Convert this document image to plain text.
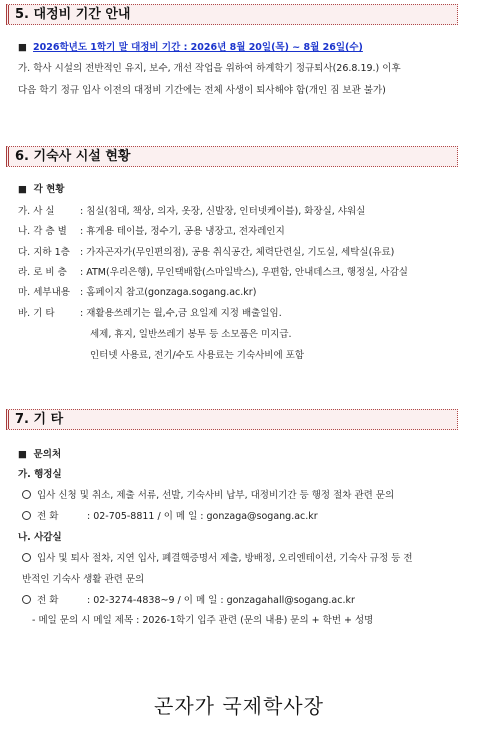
5. 대정비 기간 안내
■ 2026학년도 1학기 말 대정비 기간 : 2026년 8월 20일(목) ~ 8월 26일(수)
가. 학사 시설의 전반적인 유지, 보수, 개선 작업을 위하여 하계학기 정규퇴사(26.8.19.) 이후
다음 학기 정규 입사 이전의 대정비 기간에는 전체 사생이 퇴사해야 함(개인 짐 보관 불가)
6. 기숙사 시설 현황
■ 각 현황
가. 사 실	: 침실(침대, 책상, 의자, 옷장, 신발장, 인터넷케이블), 화장실, 샤워실
나. 각 층 별 : 휴게용 테이블, 정수기, 공용 냉장고, 전자레인지
다. 지하 1층 : 가자곤자가(무인편의점), 공용 취식공간, 체력단련실, 기도실, 세탁실(유료)
라. 로 비 층 : ATM(우리은행), 무인택배함(스마일박스), 우편함, 안내데스크, 행정실, 사감실
마. 세부내용 : 홈페이지 참고(gonzaga.sogang.ac.kr)
바. 기 타	: 재활용쓰레기는 월,수,금 요일제 지정 배출일임.
세제, 휴지, 일반쓰레기 봉투 등 소모품은 미지급.
인터넷 사용료, 전기/수도 사용료는 기숙사비에 포함
7. 기 타
■ 문의처
가. 행정실
입사 신청 및 취소, 제출 서류, 선발, 기숙사비 납부, 대정비기간 등 행정 절차 관련 문의
전 화	: 02-705-8811 / 이 메 일 : gonzaga@sogang.ac.kr
나. 사감실
입사 및 퇴사 절차, 지연 입사, 폐결핵증명서 제출, 방배정, 오리엔테이션, 기숙사 규정 등 전
반적인 기숙사 생활 관련 문의
전 화	: 02-3274-4838~9 / 이 메 일 : gonzagahall@sogang.ac.kr
- 메일 문의 시 메일 제목 : 2026-1학기 입주 관련 (문의 내용) 문의 + 학번 + 성명
곤자가 국제학사장
